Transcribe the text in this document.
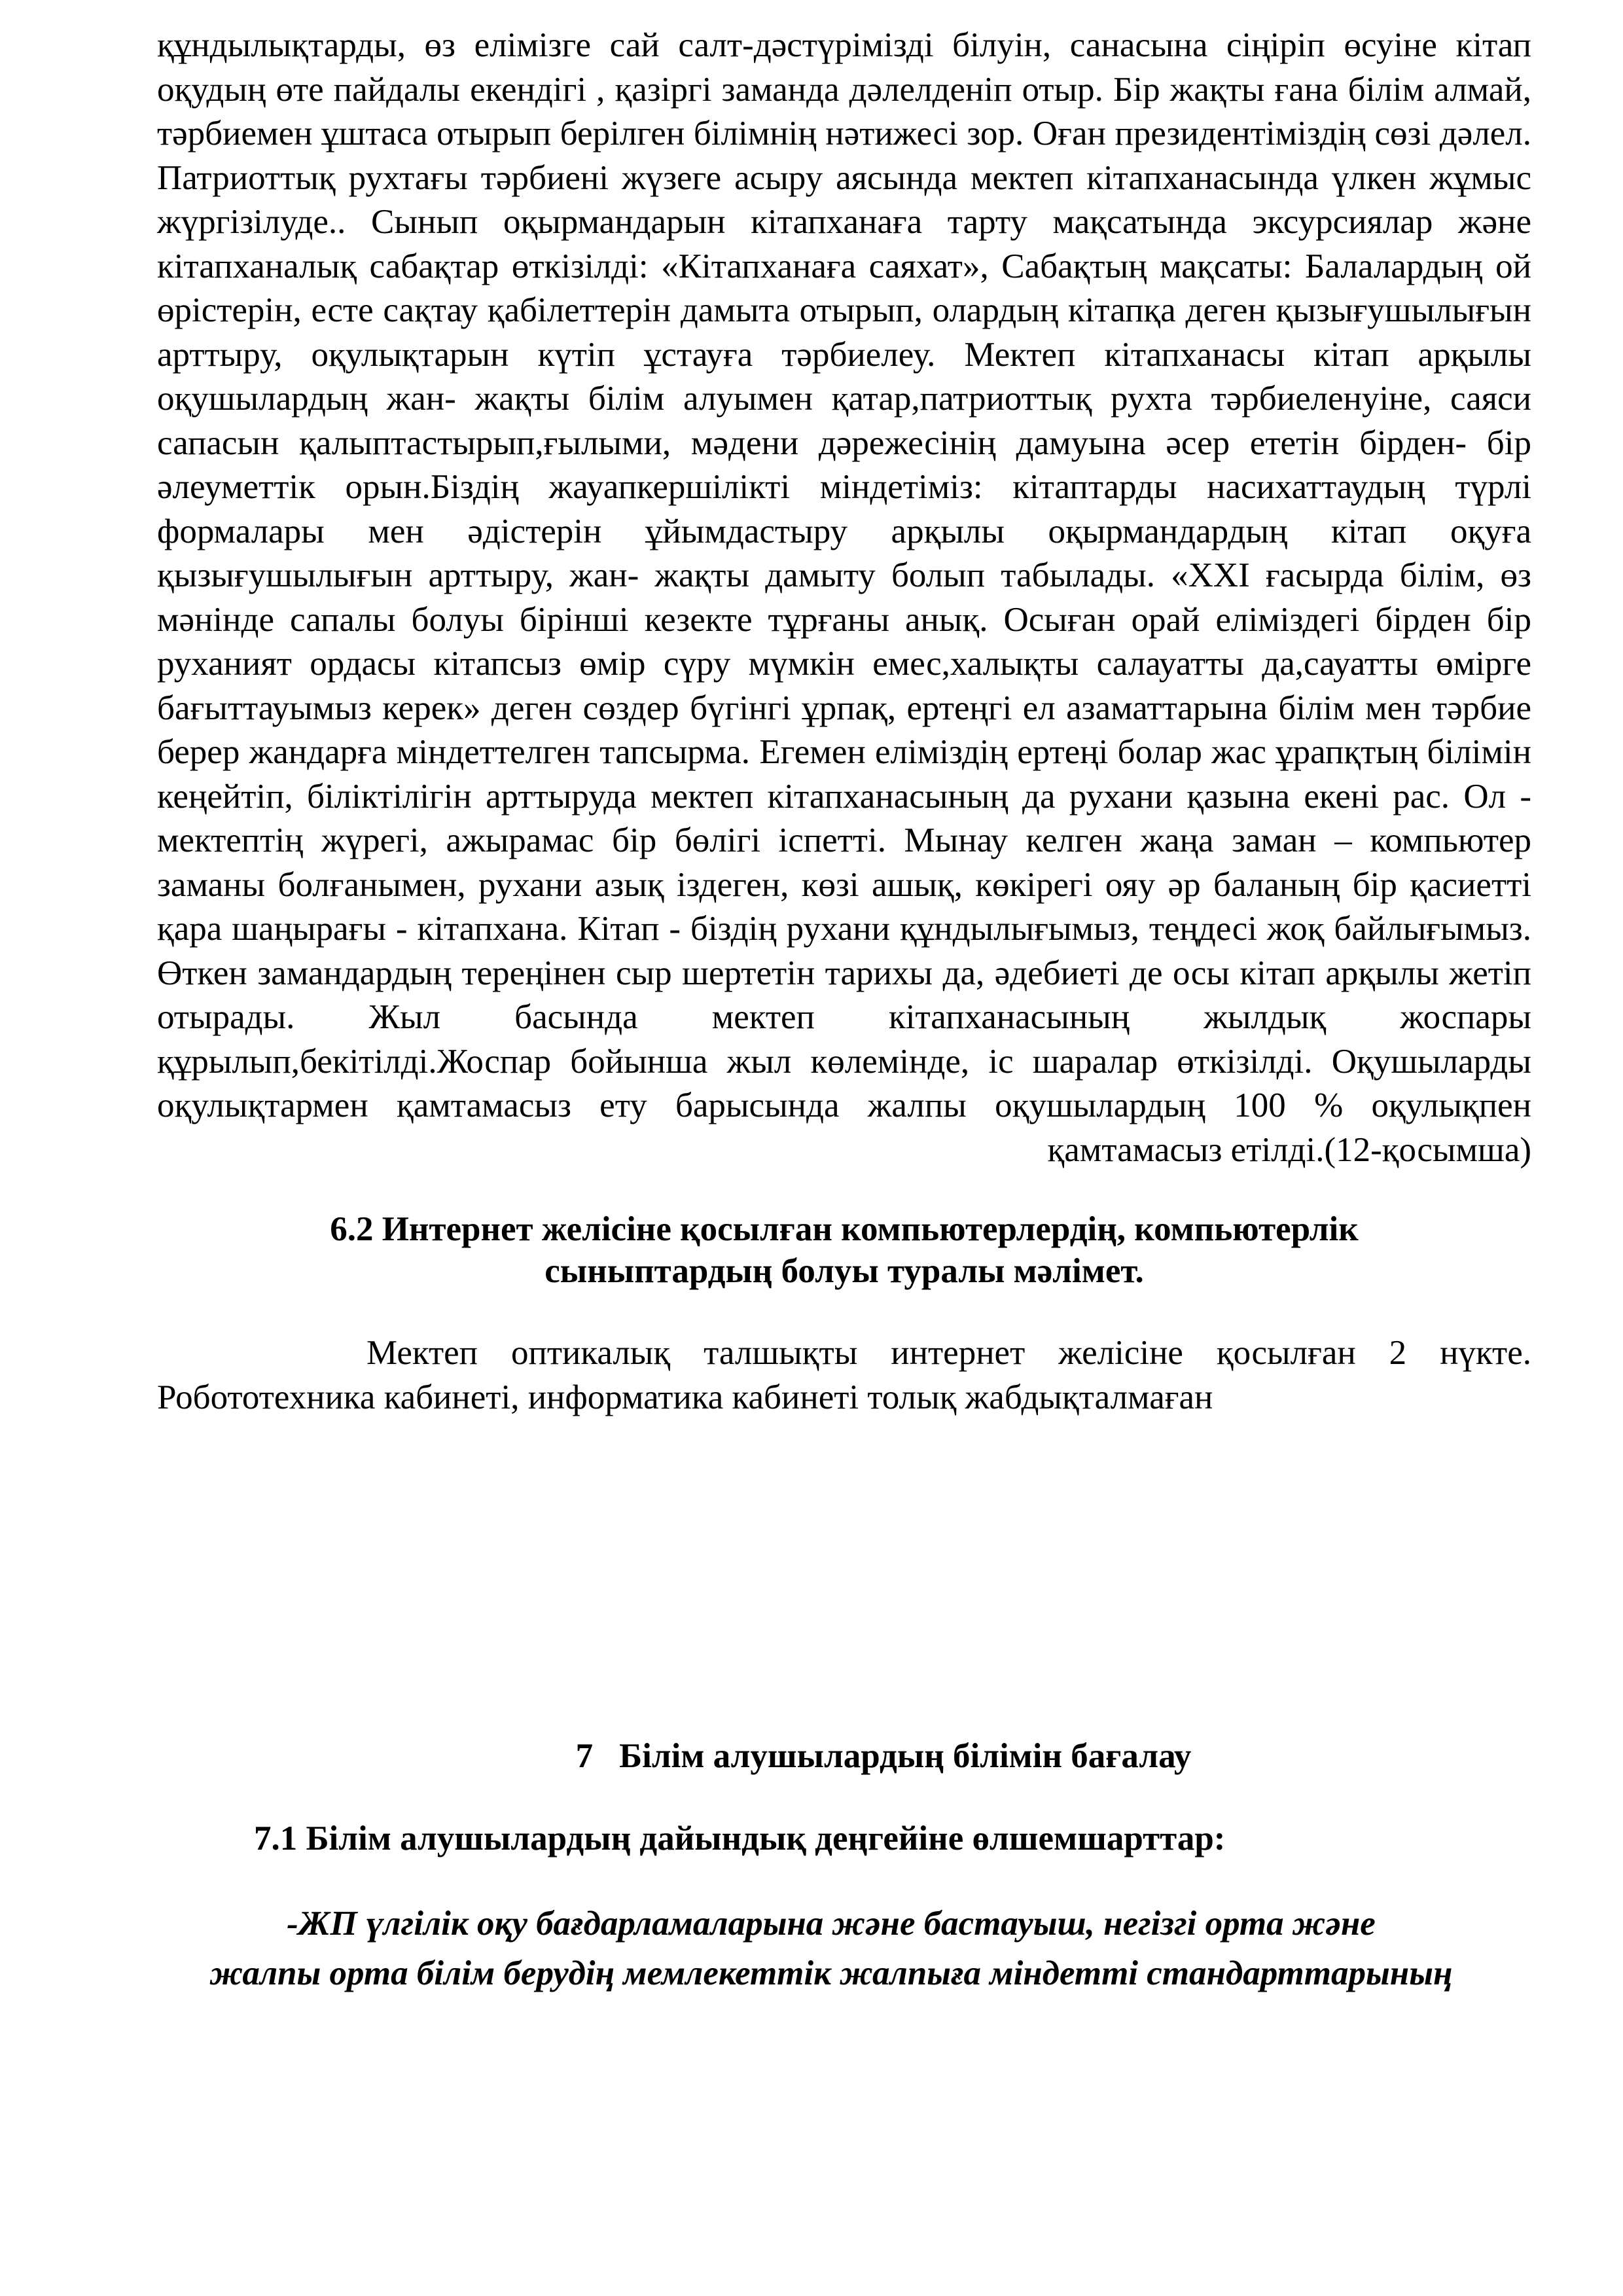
құндылықтарды, өз елімізге сай салт-дәстүрімізді білуін, санасына сіңіріп өсуіне кітап оқудың өте пайдалы екендігі , қазіргі заманда дәлелденіп отыр. Бір жақты ғана білім алмай, тәрбиемен ұштаса отырып берілген білімнің нәтижесі зор. Оған президентіміздің сөзі дәлел. Патриоттық рухтағы тәрбиені жүзеге асыру аясында мектеп кітапханасында үлкен жұмыс жүргізілуде.. Сынып оқырмандарын кітапханаға тарту мақсатында эксурсиялар және кітапханалық сабақтар өткізілді: «Кітапханаға саяхат», Сабақтың мақсаты: Балалардың ой өрістерін, есте сақтау қабілеттерін дамыта отырып, олардың кітапқа деген қызығушылығын арттыру, оқулықтарын күтіп ұстауға тәрбиелеу. Мектеп кітапханасы кітап арқылы оқушылардың жан- жақты білім алуымен қатар,патриоттық рухта тәрбиеленуіне, саяси сапасын қалыптастырып,ғылыми, мәдени дәрежесінің дамуына әсер ететін бірден- бір әлеуметтік орын.Біздің жауапкершілікті міндетіміз: кітаптарды насихаттаудың түрлі формалары мен әдістерін ұйымдастыру арқылы оқырмандардың кітап оқуға қызығушылығын арттыру, жан- жақты дамыту болып табылады. «XXI ғасырда білім, өз мәнінде сапалы болуы бірінші кезекте тұрғаны анық. Осыған орай еліміздегі бірден бір руханият ордасы кітапсыз өмір сүру мүмкін емес,халықты салауатты да,сауатты өмірге бағыттауымыз керек» деген сөздер бүгінгі ұрпақ, ертеңгі ел азаматтарына білім мен тәрбие берер жандарға міндеттелген тапсырма. Егемен еліміздің ертеңі болар жас ұрапқтың білімін кеңейтіп, біліктілігін арттыруда мектеп кітапханасының да рухани қазына екені рас. Ол - мектептің жүрегі, ажырамас бір бөлігі іспетті. Мынау келген жаңа заман – компьютер заманы болғанымен, рухани азық іздеген, көзі ашық, көкірегі ояу әр баланың бір қасиетті қара шаңырағы - кітапхана. Кітап - біздің рухани құндылығымыз, теңдесі жоқ байлығымыз. Өткен замандардың тереңінен сыр шертетін тарихы да, әдебиеті де осы кітап арқылы жетіп отырады. Жыл басында мектеп кітапханасының жылдық жоспары құрылып,бекітілді.Жоспар бойынша жыл көлемінде, іс шаралар өткізілді. Оқушыларды оқулықтармен қамтамасыз ету барысында жалпы оқушылардың 100 % оқулықпен қамтамасыз етілді.(12-қосымша)

6.2 Интернет желісіне қосылған компьютерлердің, компьютерлік сыныптардың болуы туралы мәлімет.

Мектеп оптикалық талшықты интернет желісіне қосылған 2 нүкте. Робототехника кабинеті, информатика кабинеті толық жабдықталмаған

7 Білім алушылардың білімін бағалау
7.1 Білім алушылардың дайындық деңгейіне өлшемшарттар:

-ЖП үлгілік оқу бағдарламаларына және бастауыш, негізгі орта және
жалпы орта білім берудің мемлекеттік жалпыға міндетті стандарттарының
